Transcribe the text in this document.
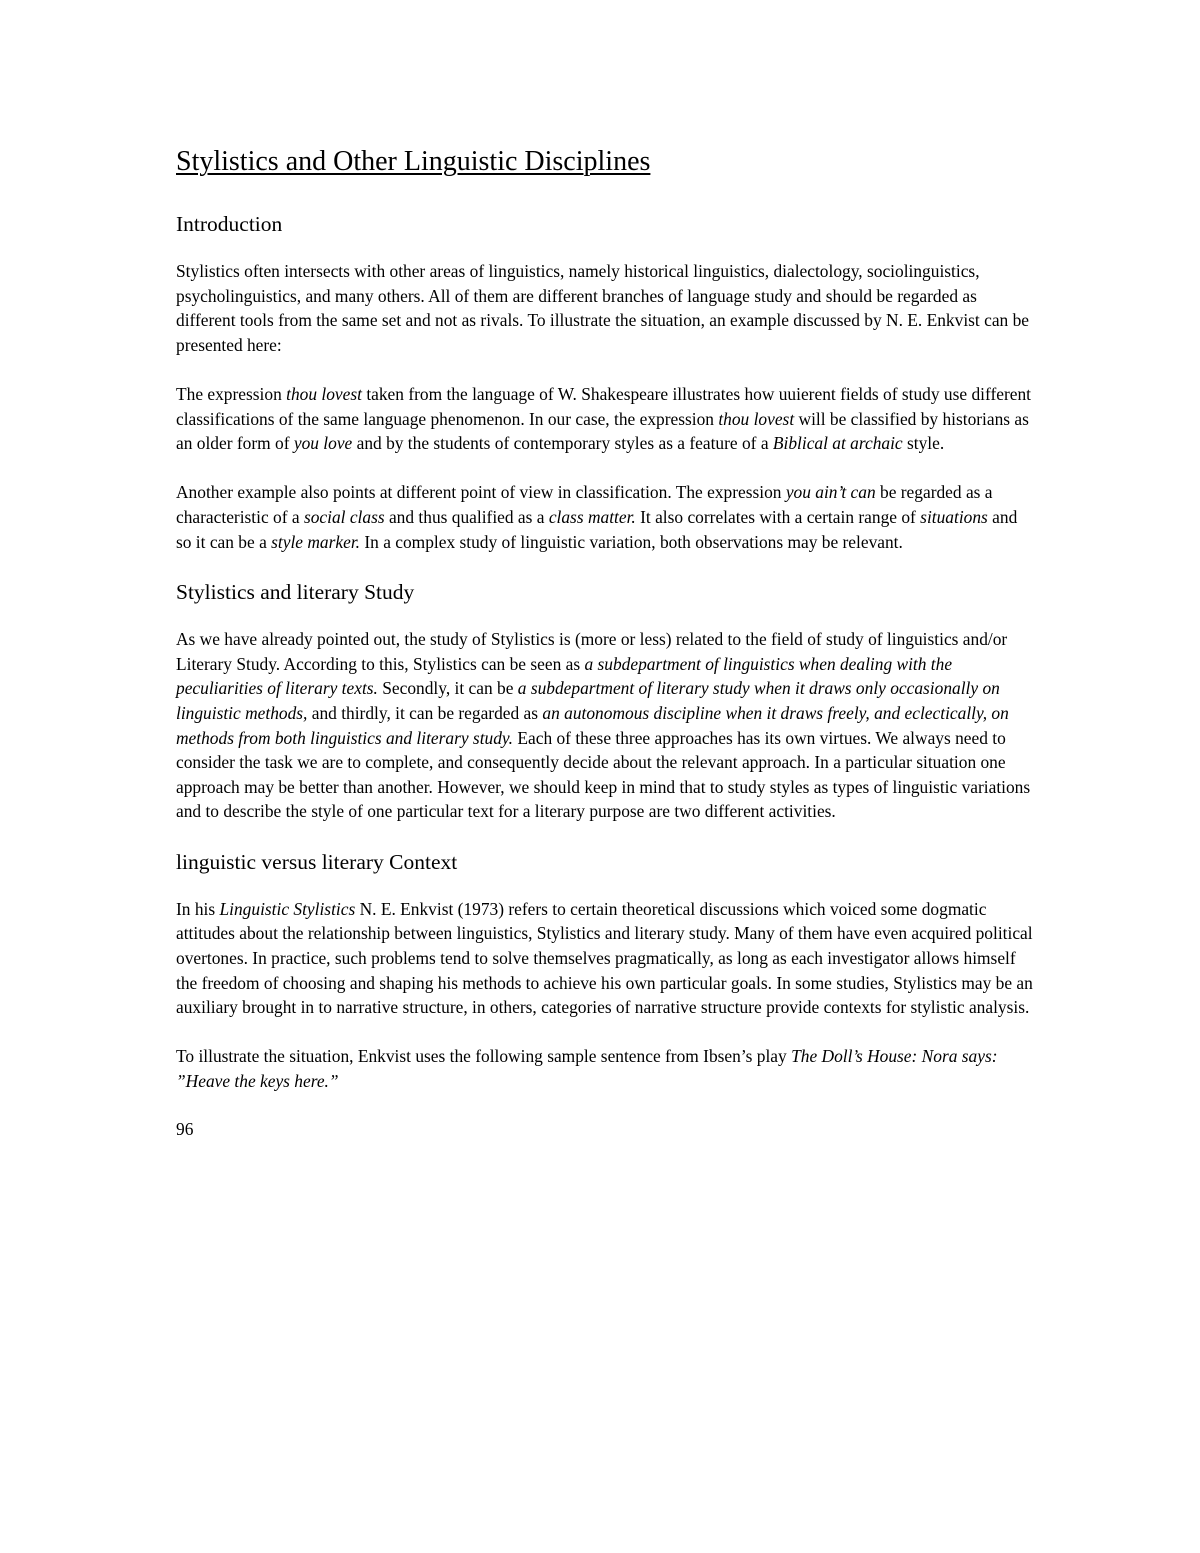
Stylistics and Other Linguistic Disciplines
Introduction

Stylistics often intersects with other areas of linguistics, namely historical linguistics, dialectology, sociolinguistics, psycholinguistics, and many others. All of them are different branches of language study and should be regarded as different tools from the same set and not as rivals. To illustrate the situation, an example discussed by N. E. Enkvist can be presented here:

The expression thou lovest taken from the language of W. Shakespeare illustrates how uuierent fields of study use different classifications of the same language phenomenon. In our case, the expression thou lovest will be classified by historians as an older form of you love and by the students of contemporary styles as a feature of a Biblical at archaic style.

Another example also points at different point of view in classification. The expression you ain’t can be regarded as a characteristic of a social class and thus qualified as a class matter. It also correlates with a certain range of situations and so it can be a style marker. In a complex study of linguistic variation, both observations may be relevant.

Stylistics and literary Study

As we have already pointed out, the study of Stylistics is (more or less) related to the field of study of linguistics and/or Literary Study. According to this, Stylistics can be seen as a subdepartment of linguistics when dealing with the peculiarities of literary texts. Secondly, it can be a subdepartment of literary study when it draws only occasionally on linguistic methods, and thirdly, it can be regarded as an autonomous discipline when it draws freely, and eclectically, on methods from both linguistics and literary study. Each of these three approaches has its own virtues. We always need to consider the task we are to complete, and consequently decide about the relevant approach. In a particular situation one approach may be better than another. However, we should keep in mind that to study styles as types of linguistic variations and to describe the style of one particular text for a literary purpose are two different activities.

linguistic versus literary Context

In his Linguistic Stylistics N. E. Enkvist (1973) refers to certain theoretical discussions which voiced some dogmatic attitudes about the relationship between linguistics, Stylistics and literary study. Many of them have even acquired political overtones. In practice, such problems tend to solve themselves pragmatically, as long as each investigator allows himself the freedom of choosing and shaping his methods to achieve his own particular goals. In some studies, Stylistics may be an auxiliary brought in to narrative structure, in others, categories of narrative structure provide contexts for stylistic analysis.

To illustrate the situation, Enkvist uses the following sample sentence from Ibsen’s play The Doll’s House: Nora says: ”Heave the keys here.”

96
